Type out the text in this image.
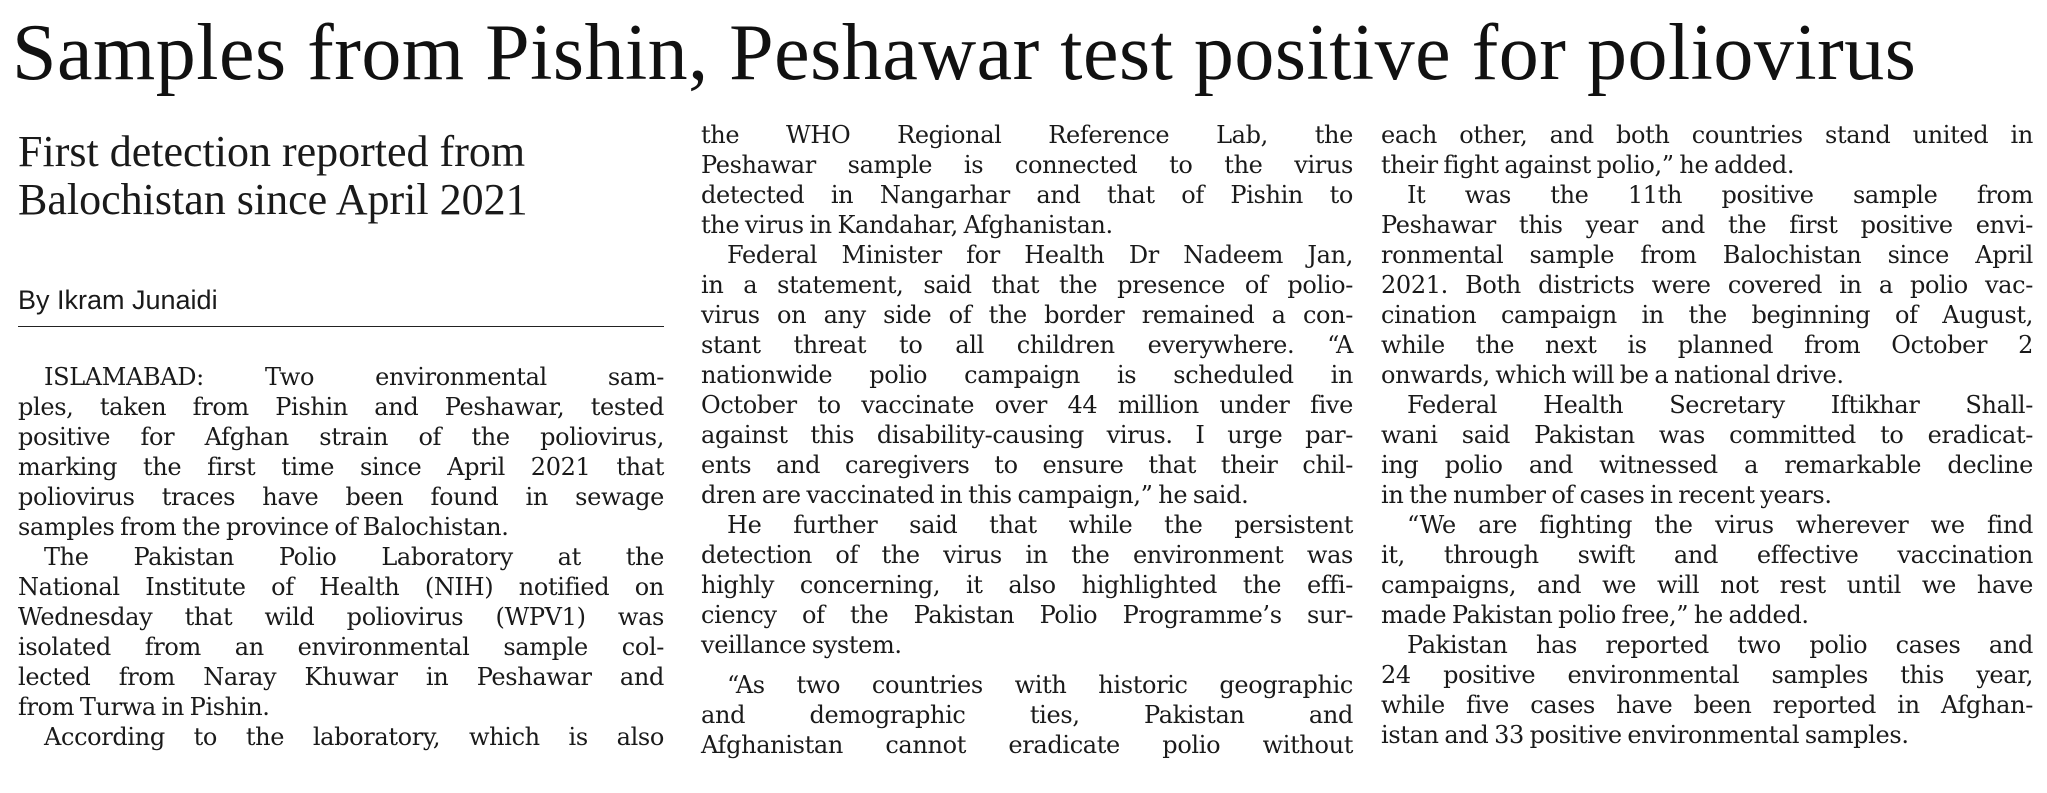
Samples from Pishin, Peshawar test positive for poliovirus
First detection reported from
Balochistan since April 2021
By Ikram Junaidi
ISLAMABAD: Two environmental sam-
ples, taken from Pishin and Peshawar, tested
positive for Afghan strain of the poliovirus,
marking the first time since April 2021 that
poliovirus traces have been found in sewage
samples from the province of Balochistan.
The Pakistan Polio Laboratory at the
National Institute of Health (NIH) notified on
Wednesday that wild poliovirus (WPV1) was
isolated from an environmental sample col-
lected from Naray Khuwar in Peshawar and
from Turwa in Pishin.
According to the laboratory, which is also
the WHO Regional Reference Lab, the
Peshawar sample is connected to the virus
detected in Nangarhar and that of Pishin to
the virus in Kandahar, Afghanistan.
Federal Minister for Health Dr Nadeem Jan,
in a statement, said that the presence of polio-
virus on any side of the border remained a con-
stant threat to all children everywhere. “A
nationwide polio campaign is scheduled in
October to vaccinate over 44 million under five
against this disability-causing virus. I urge par-
ents and caregivers to ensure that their chil-
dren are vaccinated in this campaign,” he said.
He further said that while the persistent
detection of the virus in the environment was
highly concerning, it also highlighted the effi-
ciency of the Pakistan Polio Programme’s sur-
veillance system.
“As two countries with historic geographic
and demographic ties, Pakistan and
Afghanistan cannot eradicate polio without
each other, and both countries stand united in
their fight against polio,” he added.
It was the 11th positive sample from
Peshawar this year and the first positive envi-
ronmental sample from Balochistan since April
2021. Both districts were covered in a polio vac-
cination campaign in the beginning of August,
while the next is planned from October 2
onwards, which will be a national drive.
Federal Health Secretary Iftikhar Shall-
wani said Pakistan was committed to eradicat-
ing polio and witnessed a remarkable decline
in the number of cases in recent years.
“We are fighting the virus wherever we find
it, through swift and effective vaccination
campaigns, and we will not rest until we have
made Pakistan polio free,” he added.
Pakistan has reported two polio cases and
24 positive environmental samples this year,
while five cases have been reported in Afghan-
istan and 33 positive environmental samples.
